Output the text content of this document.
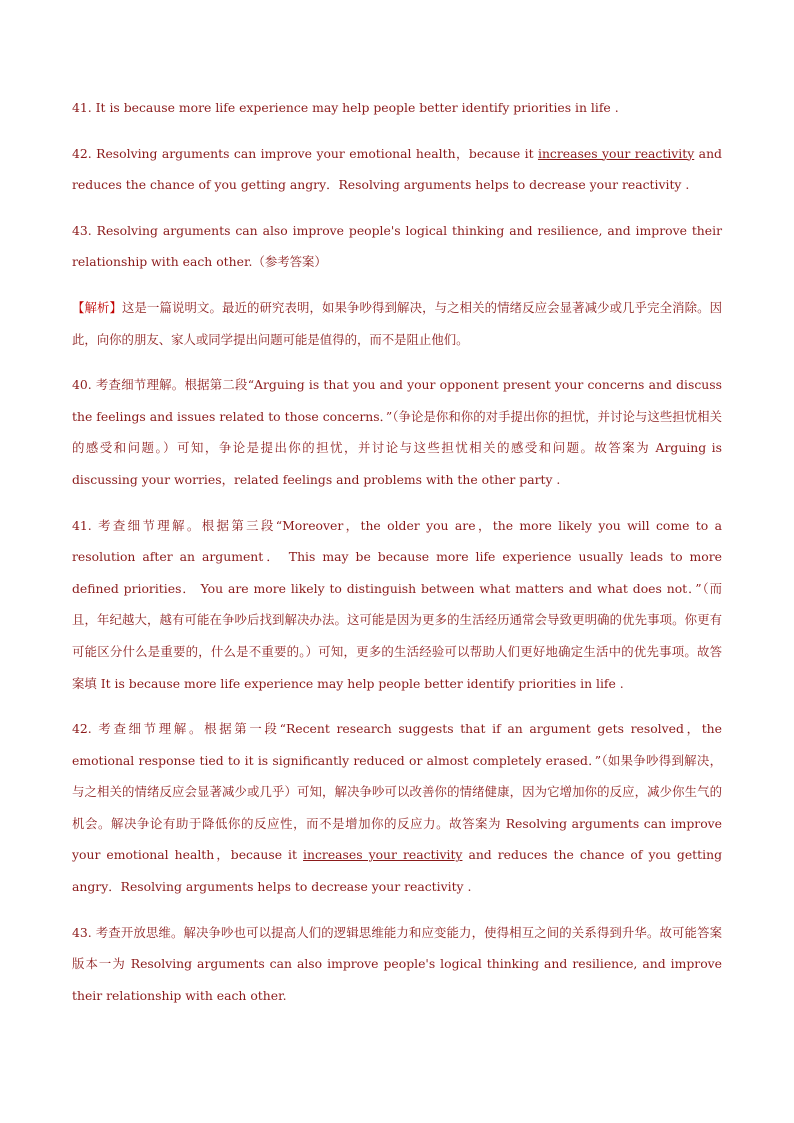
41. It is because more life experience may help people better identify priorities in life .

42. Resolving arguments can improve your emotional health，because it increases your reactivity and reduces the chance of you getting angry．Resolving arguments helps to decrease your reactivity .

43. Resolving arguments can also improve people's logical thinking and resilience, and improve their relationship with each other.（参考答案）

【解析】这是一篇说明文。最近的研究表明，如果争吵得到解决，与之相关的情绪反应会显著减少或几乎完全消除。因此，向你的朋友、家人或同学提出问题可能是值得的，而不是阻止他们。

40. 考查细节理解。根据第二段“Arguing is that you and your opponent present your concerns and discuss the feelings and issues related to those concerns．”（争论是你和你的对手提出你的担忧，并讨论与这些担忧相关的感受和问题。）可知，争论是提出你的担忧，并讨论与这些担忧相关的感受和问题。故答案为 Arguing is discussing your worries，related feelings and problems with the other party .

41. 考查细节理解。根据第三段“Moreover，the older you are，the more likely you will come to a resolution after an argument． This may be because more life experience usually leads to more defined priorities． You are more likely to distinguish between what matters and what does not．”（而且，年纪越大，越有可能在争吵后找到解决办法。这可能是因为更多的生活经历通常会导致更明确的优先事项。你更有可能区分什么是重要的，什么是不重要的。）可知，更多的生活经验可以帮助人们更好地确定生活中的优先事项。故答案填 It is because more life experience may help people better identify priorities in life .

42. 考查细节理解。根据第一段“Recent research suggests that if an argument gets resolved，the emotional response tied to it is significantly reduced or almost completely erased．”（如果争吵得到解决，与之相关的情绪反应会显著减少或几乎）可知，解决争吵可以改善你的情绪健康，因为它增加你的反应，减少你生气的机会。解决争论有助于降低你的反应性，而不是增加你的反应力。故答案为 Resolving arguments can improve your emotional health，because it increases your reactivity and reduces the chance of you getting angry．Resolving arguments helps to decrease your reactivity .

43. 考查开放思维。解决争吵也可以提高人们的逻辑思维能力和应变能力，使得相互之间的关系得到升华。故可能答案版本一为 Resolving arguments can also improve people's logical thinking and resilience, and improve their relationship with each other.
